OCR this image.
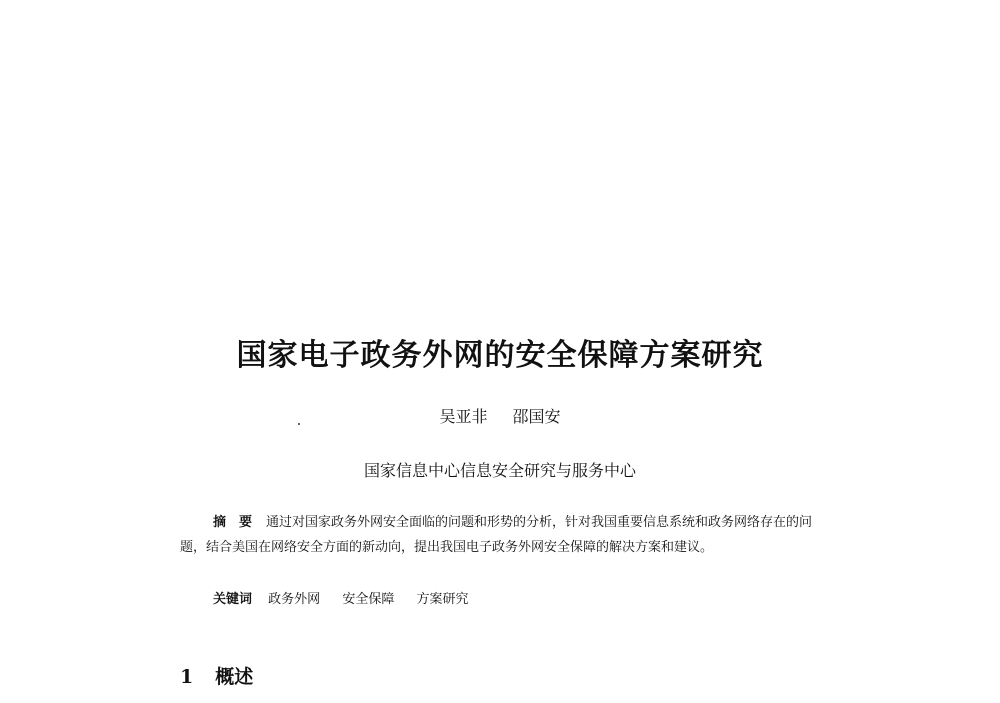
国家电子政务外网的安全保障方案研究
吴亚非 邵国安
国家信息中心信息安全研究与服务中心

摘　要 通过对国家政务外网安全面临的问题和形势的分析，针对我国重要信息系统和政务网络存在的问题，结合美国在网络安全方面的新动向，提出我国电子政务外网安全保障的解决方案和建议。

关键词 政务外网 安全保障 方案研究

1 概述
